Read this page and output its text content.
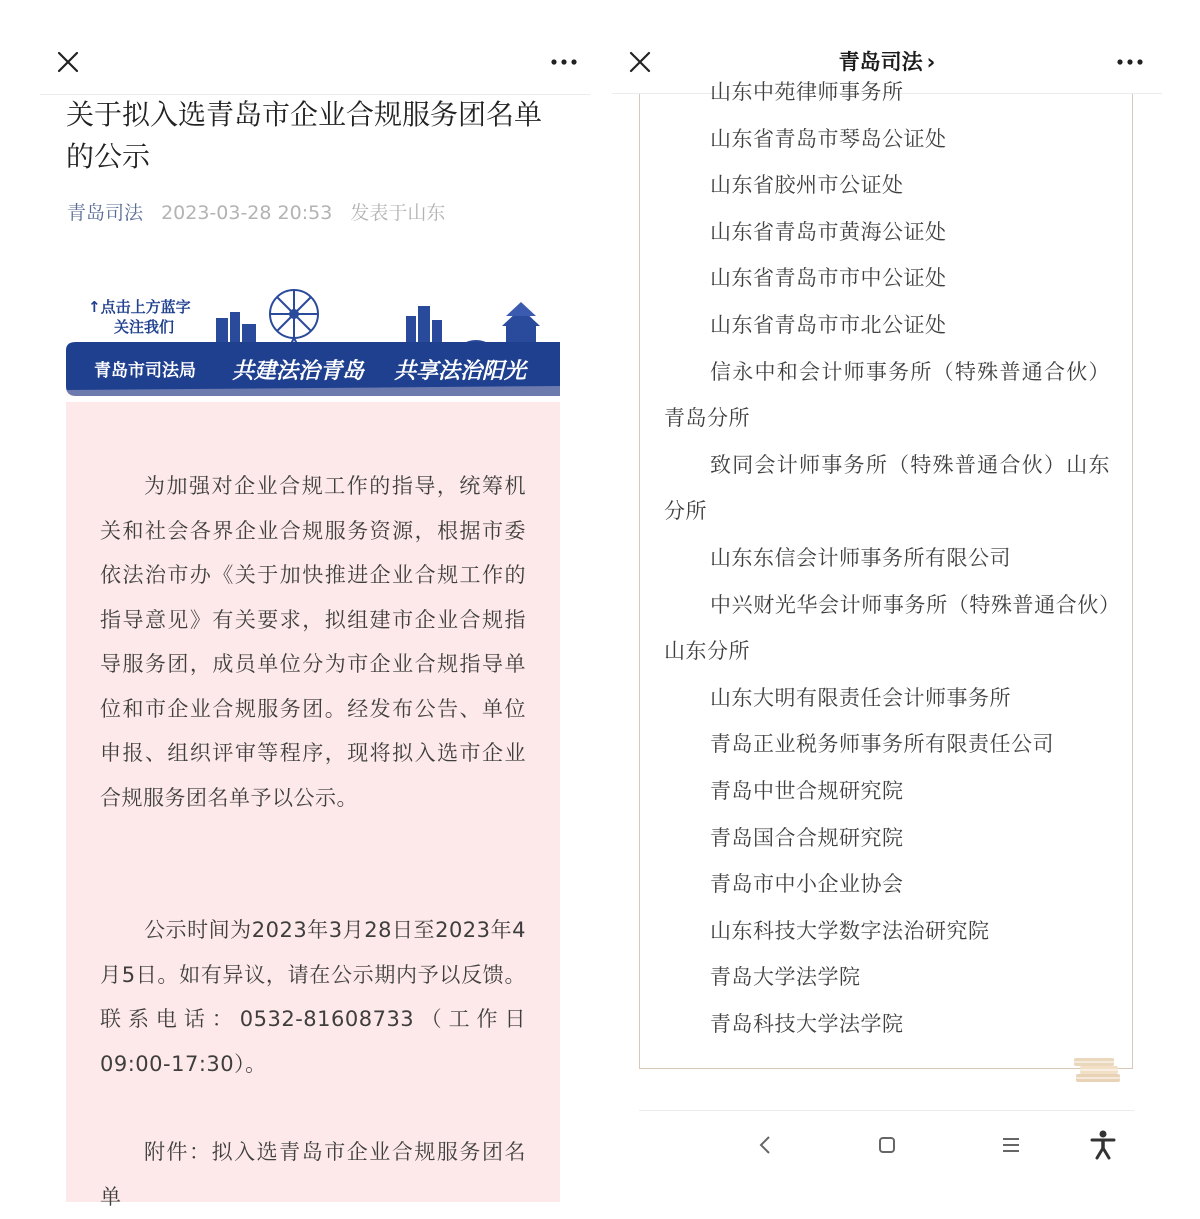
关于拟入选青岛市企业合规服务团名单的公示
青岛司法 2023-03-28 20:53 发表于山东
↑点击上方蓝字
关注我们
青岛市司法局 共建法治青岛 共享法治阳光

为加强对企业合规工作的指导，统筹机关和社会各界企业合规服务资源，根据市委依法治市办《关于加快推进企业合规工作的指导意见》有关要求，拟组建市企业合规指导服务团，成员单位分为市企业合规指导单位和市企业合规服务团。经发布公告、单位申报、组织评审等程序，现将拟入选市企业合规服务团名单予以公示。

公示时间为2023年3月28日至2023年4月5日。如有异议，请在公示期内予以反馈。联系电话：0532-81608733（工作日09:00-17:30）。

附件：拟入选青岛市企业合规服务团名单

青岛司法 ›

山东中苑律师事务所

山东省青岛市琴岛公证处

山东省胶州市公证处

山东省青岛市黄海公证处

山东省青岛市市中公证处

山东省青岛市市北公证处

信永中和会计师事务所（特殊普通合伙）青岛分所

致同会计师事务所（特殊普通合伙）山东分所

山东东信会计师事务所有限公司

中兴财光华会计师事务所（特殊普通合伙）山东分所

山东大明有限责任会计师事务所

青岛正业税务师事务所有限责任公司

青岛中世合规研究院

青岛国合合规研究院

青岛市中小企业协会

山东科技大学数字法治研究院

青岛大学法学院

青岛科技大学法学院
